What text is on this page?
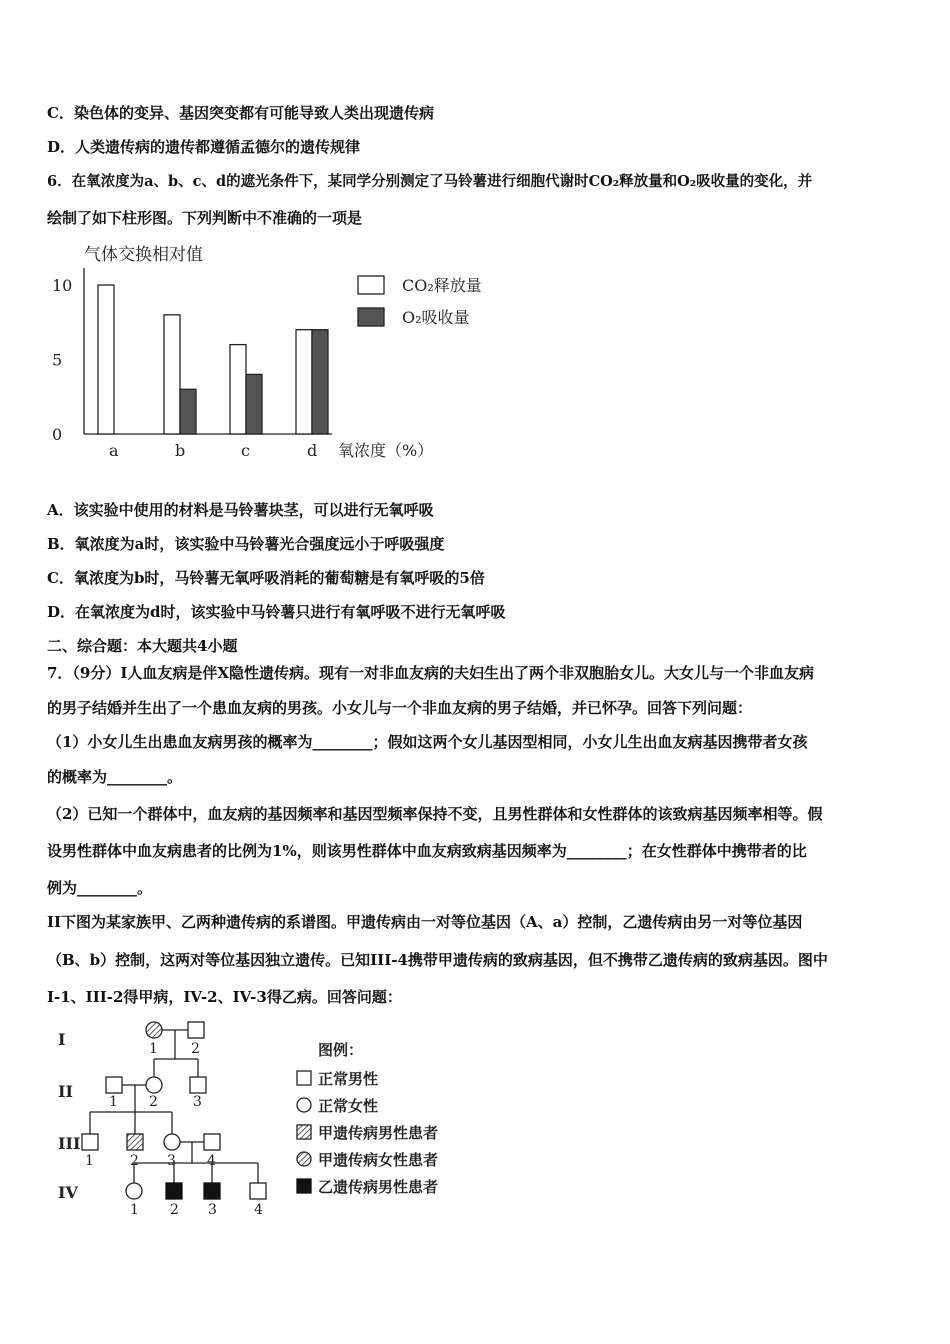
C．染色体的变异、基因突变都有可能导致人类出现遗传病
D．人类遗传病的遗传都遵循孟德尔的遗传规律
6．在氧浓度为a、b、c、d的遮光条件下，某同学分别测定了马铃薯进行细胞代谢时CO₂释放量和O₂吸收量的变化，并
绘制了如下柱形图。下列判断中不准确的一项是
气体交换相对值
10
5
0
a	b	c	d 氧浓度（%）
CO₂释放量
O₂吸收量
A．该实验中使用的材料是马铃薯块茎，可以进行无氧呼吸
B．氧浓度为a时，该实验中马铃薯光合强度远小于呼吸强度
C．氧浓度为b时，马铃薯无氧呼吸消耗的葡萄糖是有氧呼吸的5倍
D．在氧浓度为d时，该实验中马铃薯只进行有氧呼吸不进行无氧呼吸
二、综合题：本大题共4小题
7．（9分）I人血友病是伴X隐性遗传病。现有一对非血友病的夫妇生出了两个非双胞胎女儿。大女儿与一个非血友病
的男子结婚并生出了一个患血友病的男孩。小女儿与一个非血友病的男子结婚，并已怀孕。回答下列问题：
（1）小女儿生出患血友病男孩的概率为________；假如这两个女儿基因型相同，小女儿生出血友病基因携带者女孩
的概率为________。
（2）已知一个群体中，血友病的基因频率和基因型频率保持不变，且男性群体和女性群体的该致病基因频率相等。假
设男性群体中血友病患者的比例为1%，则该男性群体中血友病致病基因频率为________；在女性群体中携带者的比
例为________。
II下图为某家族甲、乙两种遗传病的系谱图。甲遗传病由一对等位基因（A、a）控制，乙遗传病由另一对等位基因
（B、b）控制，这两对等位基因独立遗传。已知III-4携带甲遗传病的致病基因，但不携带乙遗传病的致病基因。图中
I-1、III-2得甲病，IV-2、IV-3得乙病。回答问题：
I
II
III
IV
1 2
1 2	3
1	2 3 4
1 2 3	4
图例：
正常男性
正常女性
甲遗传病男性患者
甲遗传病女性患者
乙遗传病男性患者
